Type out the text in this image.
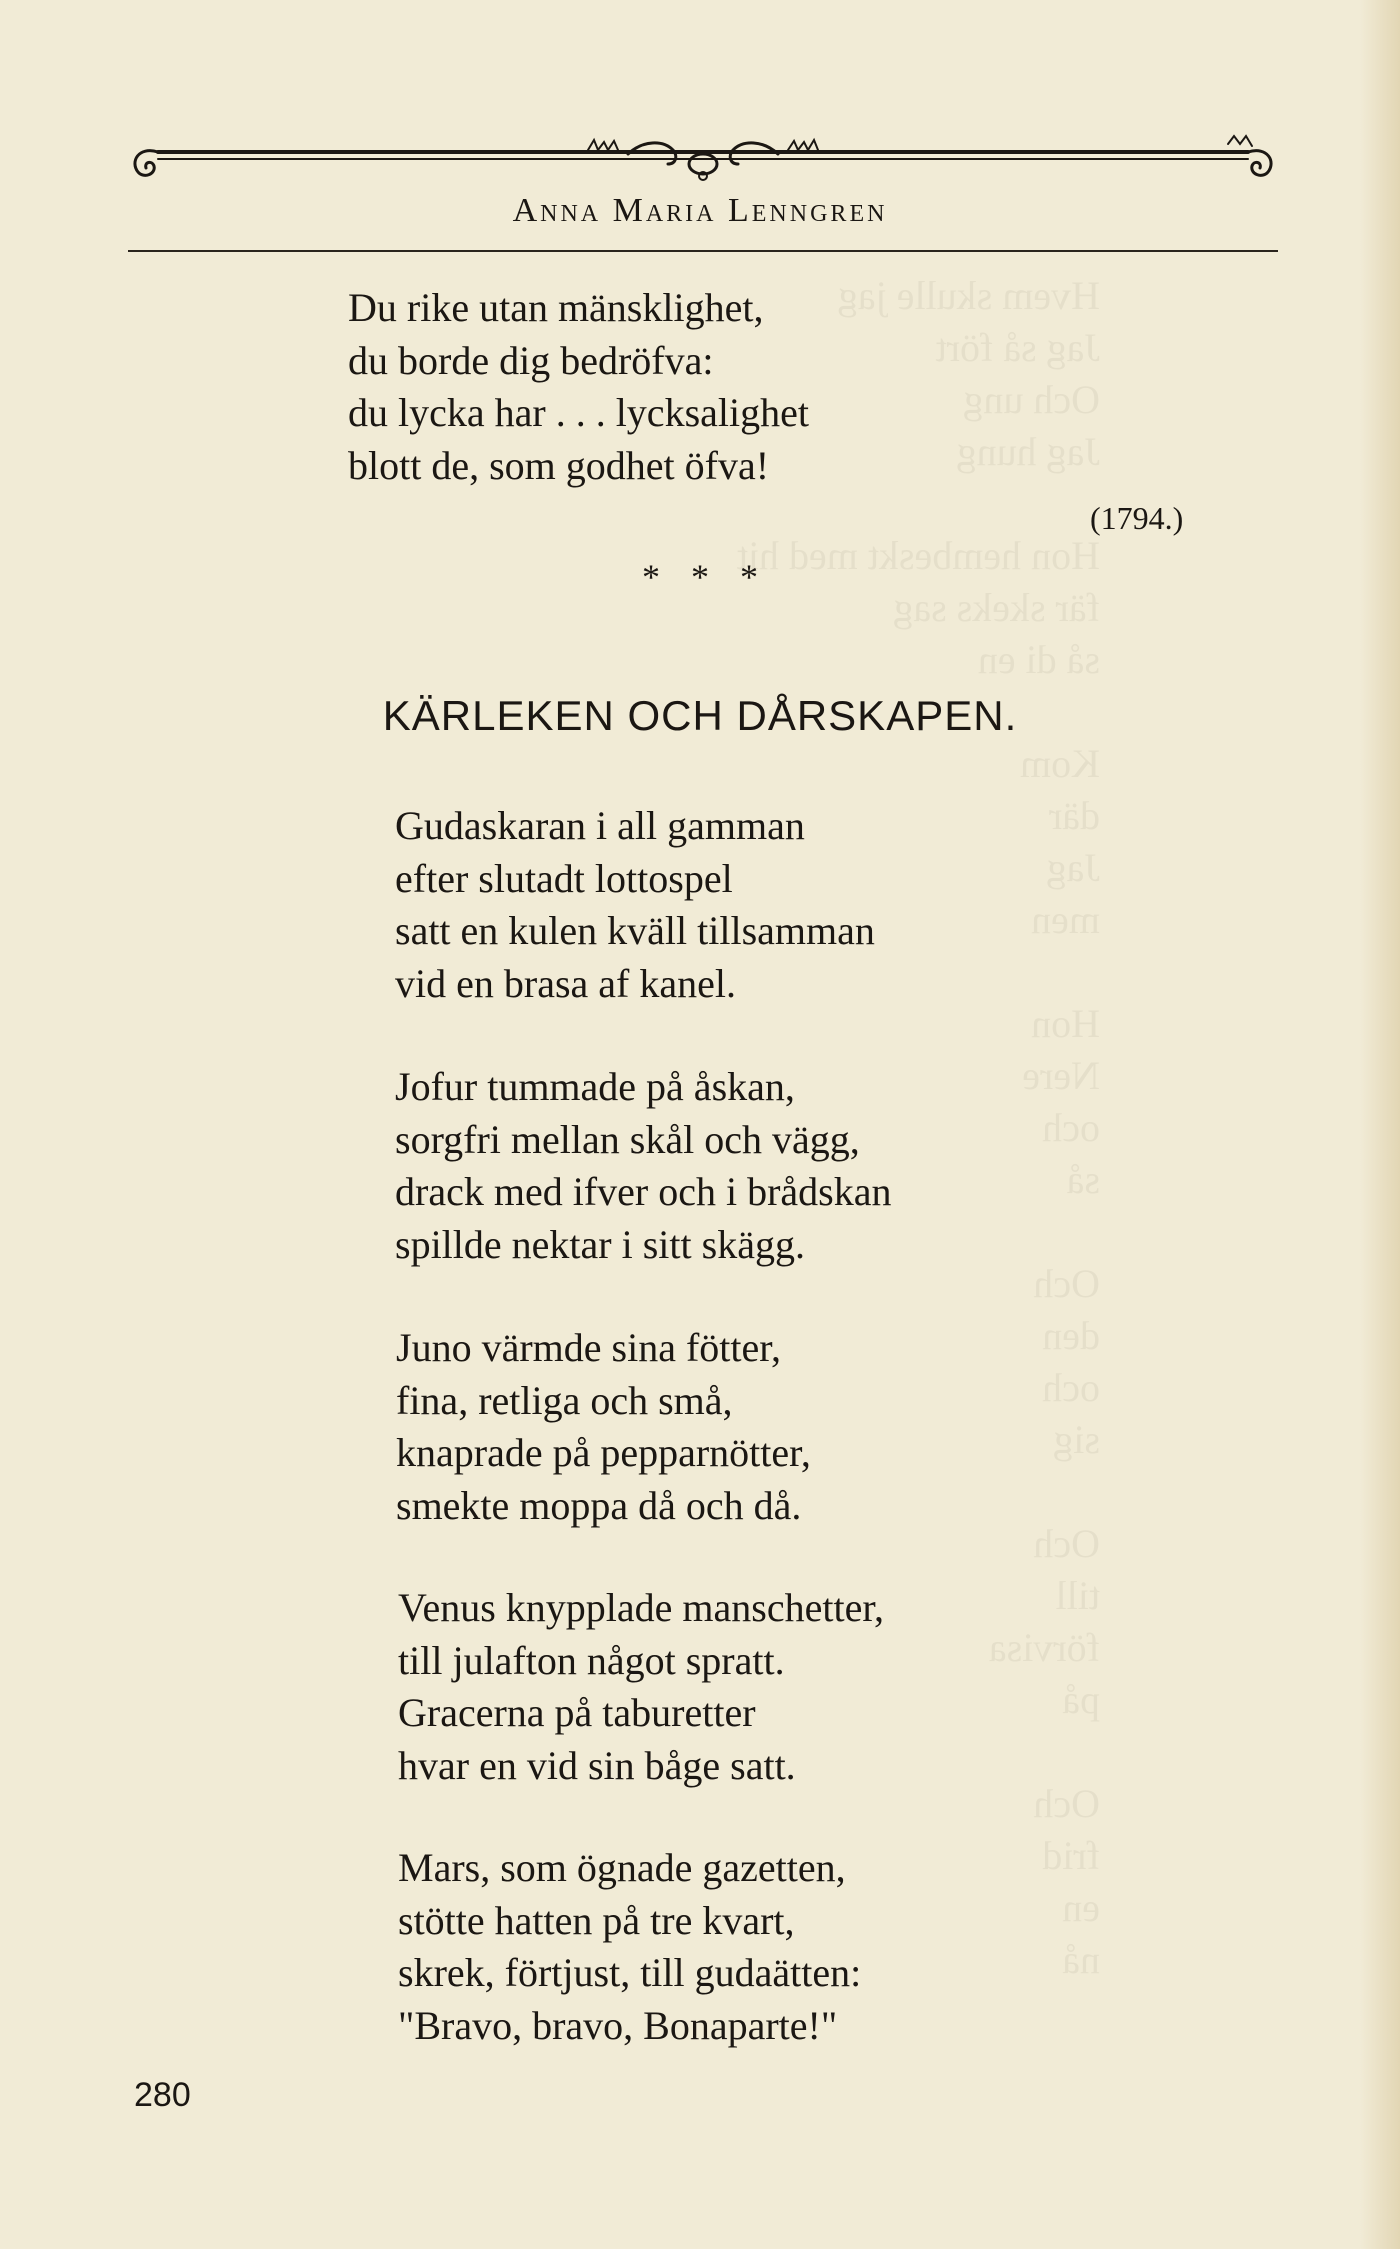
Hvem skulle jag
Jag så fört
Och ung
Jag hung

Hon hembeskt med hit
fär skeks sag
så di en

Kom
där
Jag
men

Hon
Nere
och
så

Och
den
och
sig

Och
till
förvisa
på

Och
frid
en
nå
Anna Maria Lenngren
Du rike utan mänsklighet,
du borde dig bedröfva:
du lycka har . . . lycksalighet
blott de, som godhet öfva!
(1794.)
* * *
KÄRLEKEN OCH DÅRSKAPEN.
Gudaskaran i all gamman
efter slutadt lottospel
satt en kulen kväll tillsamman
vid en brasa af kanel.
Jofur tummade på åskan,
sorgfri mellan skål och vägg,
drack med ifver och i brådskan
spillde nektar i sitt skägg.
Juno värmde sina fötter,
fina, retliga och små,
knaprade på pepparnötter,
smekte moppa då och då.
Venus knypplade manschetter,
till julafton något spratt.
Gracerna på taburetter
hvar en vid sin båge satt.
Mars, som ögnade gazetten,
stötte hatten på tre kvart,
skrek, förtjust, till gudaätten:
"Bravo, bravo, Bonaparte!"
280
